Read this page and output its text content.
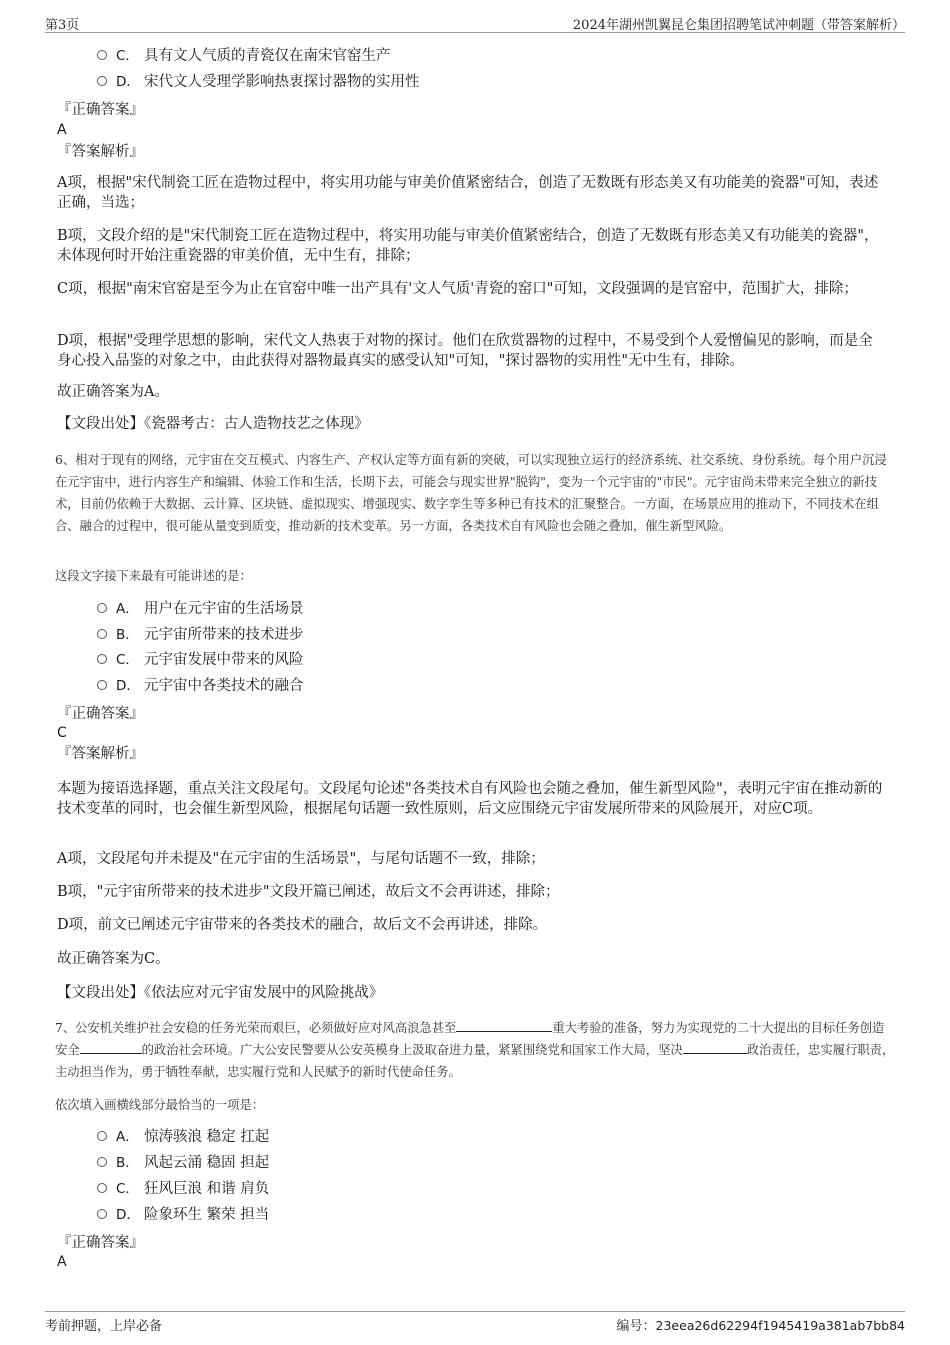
第3页	2024年湖州凯翼昆仑集团招聘笔试冲刺题（带答案解析）
C． 具有文人气质的青瓷仅在南宋官窑生产
D． 宋代文人受理学影响热衷探讨器物的实用性
『正确答案』
A
『答案解析』
A项，根据"宋代制瓷工匠在造物过程中，将实用功能与审美价值紧密结合，创造了无数既有形态美又有功能美的瓷器"可知，表述正确，当选；
B项，文段介绍的是"宋代制瓷工匠在造物过程中，将实用功能与审美价值紧密结合，创造了无数既有形态美又有功能美的瓷器"，未体现何时开始注重瓷器的审美价值，无中生有，排除；
C项，根据"南宋官窑是至今为止在官窑中唯一出产具有'文人气质'青瓷的窑口"可知，文段强调的是官窑中，范围扩大，排除；
D项，根据"受理学思想的影响，宋代文人热衷于对物的探讨。他们在欣赏器物的过程中，不易受到个人爱憎偏见的影响，而是全身心投入品鉴的对象之中，由此获得对器物最真实的感受认知"可知，"探讨器物的实用性"无中生有，排除。
故正确答案为A。
【文段出处】《瓷器考古：古人造物技艺之体现》
6、相对于现有的网络，元宇宙在交互模式、内容生产、产权认定等方面有新的突破，可以实现独立运行的经济系统、社交系统、身份系统。每个用户沉浸在元宇宙中，进行内容生产和编辑、体验工作和生活，长期下去，可能会与现实世界"脱钩"，变为一个元宇宙的"市民"。元宇宙尚未带来完全独立的新技术，目前仍依赖于大数据、云计算、区块链、虚拟现实、增强现实、数字孪生等多种已有技术的汇聚整合。一方面，在场景应用的推动下，不同技术在组合、融合的过程中，很可能从量变到质变，推动新的技术变革。另一方面，各类技术自有风险也会随之叠加，催生新型风险。
这段文字接下来最有可能讲述的是：
A． 用户在元宇宙的生活场景
B． 元宇宙所带来的技术进步
C． 元宇宙发展中带来的风险
D． 元宇宙中各类技术的融合
『正确答案』
C
『答案解析』
本题为接语选择题，重点关注文段尾句。文段尾句论述"各类技术自有风险也会随之叠加，催生新型风险"，表明元宇宙在推动新的技术变革的同时，也会催生新型风险，根据尾句话题一致性原则，后文应围绕元宇宙发展所带来的风险展开，对应C项。
A项，文段尾句并未提及"在元宇宙的生活场景"，与尾句话题不一致，排除；
B项，"元宇宙所带来的技术进步"文段开篇已阐述，故后文不会再讲述，排除；
D项，前文已阐述元宇宙带来的各类技术的融合，故后文不会再讲述，排除。
故正确答案为C。
【文段出处】《依法应对元宇宙发展中的风险挑战》
7、公安机关维护社会安稳的任务光荣而艰巨，必须做好应对风高浪急甚至	重大考验的准备，努力为实现党的二十大提出的目标任务创造安全	的政治社会环境。广大公安民警要从公安英模身上汲取奋进力量，紧紧围绕党和国家工作大局，坚决	政治责任，忠实履行职责，主动担当作为，勇于牺牲奉献，忠实履行党和人民赋予的新时代使命任务。
依次填入画横线部分最恰当的一项是：
A． 惊涛骇浪 稳定 扛起
B． 风起云涌 稳固 担起
C． 狂风巨浪 和谐 肩负
D． 险象环生 繁荣 担当
『正确答案』
A
考前押题，上岸必备	编号：23eea26d62294f1945419a381ab7bb84
